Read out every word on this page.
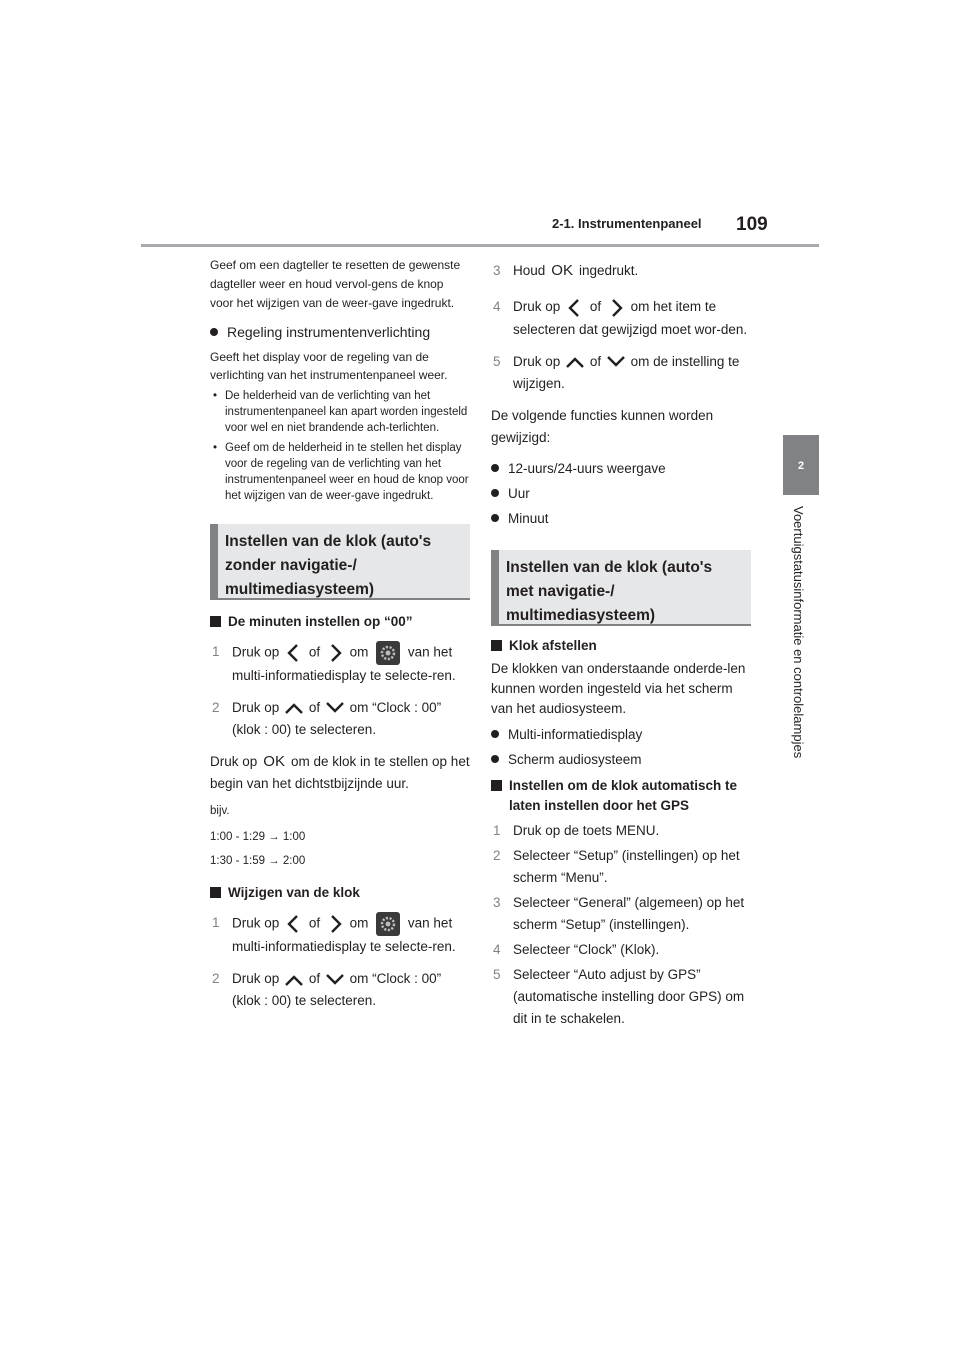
2-1. Instrumentenpaneel 109
2
Voertuigstatusinformatie en controlelampjes

Geef om een dagteller te resetten de gewenste dagteller weer en houd vervol-gens de knop voor het wijzigen van de weer-gave ingedrukt.

Regeling instrumentenverlichting

Geeft het display voor de regeling van de verlichting van het instrumentenpaneel weer.

• De helderheid van de verlichting van het instrumentenpaneel kan apart worden ingesteld voor wel en niet brandende ach-terlichten.
• Geef om de helderheid in te stellen het display voor de regeling van de verlichting van het instrumentenpaneel weer en houd de knop voor het wijzigen van de weer-gave ingedrukt.
Instellen van de klok (auto's zonder navigatie-/ multimediasysteem)
De minuten instellen op “00”
1 Druk op of om	van het multi-informatiedisplay te selecte-ren.
2 Druk op of om “Clock : 00” (klok : 00) te selecteren.

Druk op OK om de klok in te stellen op het begin van het dichtstbijzijnde uur.

bijv.

1:00 - 1:29 → 1:00

1:30 - 1:59 → 2:00

Wijzigen van de klok
1 Druk op of om	van het multi-informatiedisplay te selecte-ren.
2 Druk op of om “Clock : 00” (klok : 00) te selecteren.
3 Houd OK ingedrukt.
4 Druk op of om het item te selecteren dat gewijzigd moet wor-den.
5 Druk op of om de instelling te wijzigen.

De volgende functies kunnen worden gewijzigd:

12-uurs/24-uurs weergave
Uur
Minuut
Instellen van de klok (auto's met navigatie-/ multimediasysteem)
Klok afstellen

De klokken van onderstaande onderde-len kunnen worden ingesteld via het scherm van het audiosysteem.

Multi-informatiedisplay
Scherm audiosysteem
Instellen om de klok automatisch te laten instellen door het GPS
1 Druk op de toets MENU.
2 Selecteer “Setup” (instellingen) op het scherm “Menu”.
3 Selecteer “General” (algemeen) op het scherm “Setup” (instellingen).
4 Selecteer “Clock” (Klok).
5 Selecteer “Auto adjust by GPS” (automatische instelling door GPS) om dit in te schakelen.
